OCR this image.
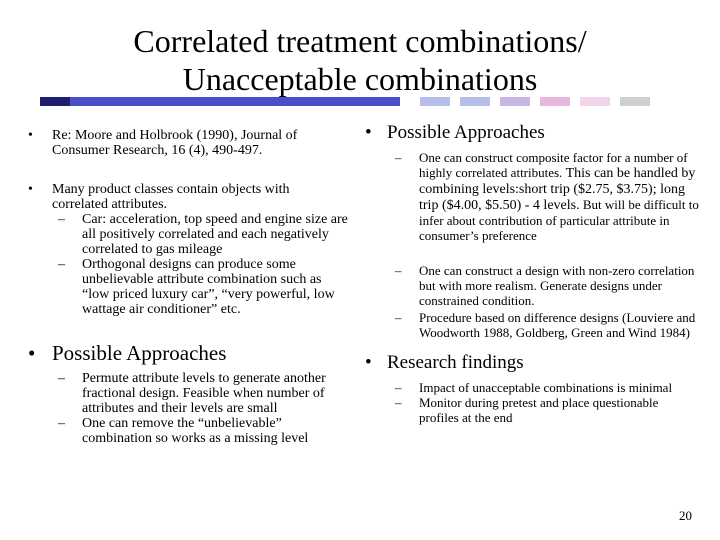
Correlated treatment combinations/
Unacceptable combinations
• Re: Moore and Holbrook (1990), Journal of Consumer Research, 16 (4), 490-497.
• Many product classes contain objects with correlated attributes.
– Car: acceleration, top speed and engine size are all positively correlated and each negatively correlated to gas mileage
– Orthogonal designs can produce some unbelievable attribute combination such as “low priced luxury car”, “very powerful, low wattage air conditioner” etc.
• Possible Approaches
– Permute attribute levels to generate another fractional design. Feasible when number of attributes and their levels are small
– One can remove the “unbelievable” combination so works as a missing level
• Possible Approaches
– One can construct composite factor for a number of highly correlated attributes. This can be handled by combining levels:short trip ($2.75, $3.75); long trip ($4.00, $5.50) - 4 levels. But will be difficult to infer about contribution of particular attribute in consumer’s preference
– One can construct a design with non-zero correlation but with more realism. Generate designs under constrained condition.
– Procedure based on difference designs (Louviere and Woodworth 1988, Goldberg, Green and Wind 1984)
• Research findings
– Impact of unacceptable combinations is minimal
– Monitor during pretest and place questionable profiles at the end
20
